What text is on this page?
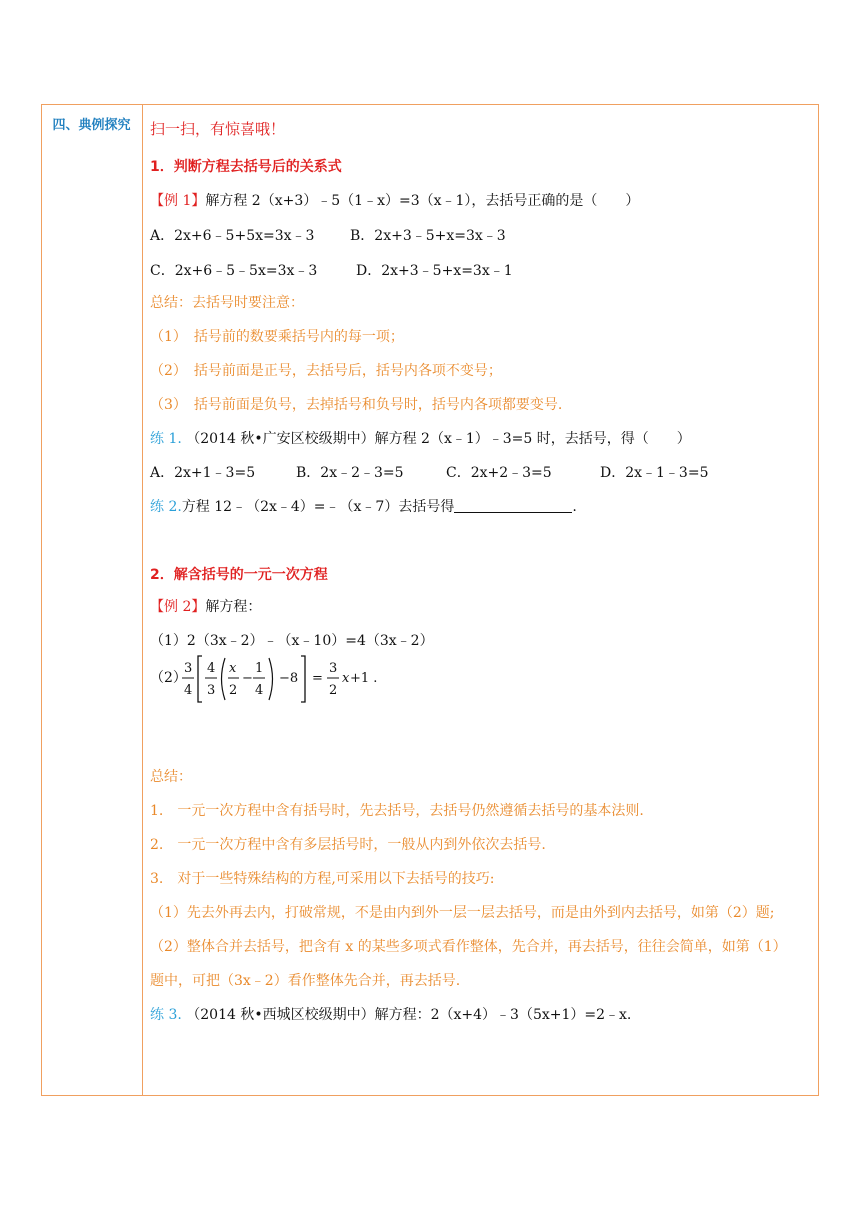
四、典例探究	扫一扫，有惊喜哦！
1．判断方程去括号后的关系式
【例 1】解方程 2（x+3）﹣5（1﹣x）=3（x﹣1），去括号正确的是（　　）
A．2x+6﹣5+5x=3x﹣3	B．2x+3﹣5+x=3x﹣3
C．2x+6﹣5﹣5x=3x﹣3	D．2x+3﹣5+x=3x﹣1
总结：去括号时要注意：
（1）　括号前的数要乘括号内的每一项；
（2）　括号前面是正号，去括号后，括号内各项不变号；
（3）　括号前面是负号，去掉括号和负号时，括号内各项都要变号.
练 1. （2014 秋•广安区校级期中）解方程 2（x﹣1）﹣3=5 时，去括号，得（　　）
A．2x+1﹣3=5	B．2x﹣2﹣3=5	C．2x+2﹣3=5	D．2x﹣1﹣3=5
练 2.方程 12﹣（2x﹣4）=﹣（x﹣7）去括号得	.
2．解含括号的一元一次方程
【例 2】解方程：
（1）2（3x﹣2）﹣（x﹣10）=4（3x﹣2）
（2）
3
4
4
3
x
2
−
1
4
−8 =
3
2
x +1 .
总结：
1.　一元一次方程中含有括号时，先去括号，去括号仍然遵循去括号的基本法则.
2.　一元一次方程中含有多层括号时，一般从内到外依次去括号.
3.　对于一些特殊结构的方程,可采用以下去括号的技巧:
（1）先去外再去内，打破常规，不是由内到外一层一层去括号，而是由外到内去括号，如第（2）题;
（2）整体合并去括号，把含有 x 的某些多项式看作整体，先合并，再去括号，往往会简单，如第（1）
题中，可把（3x﹣2）看作整体先合并，再去括号.
练 3. （2014 秋•西城区校级期中）解方程：2（x+4）﹣3（5x+1）=2﹣x.
